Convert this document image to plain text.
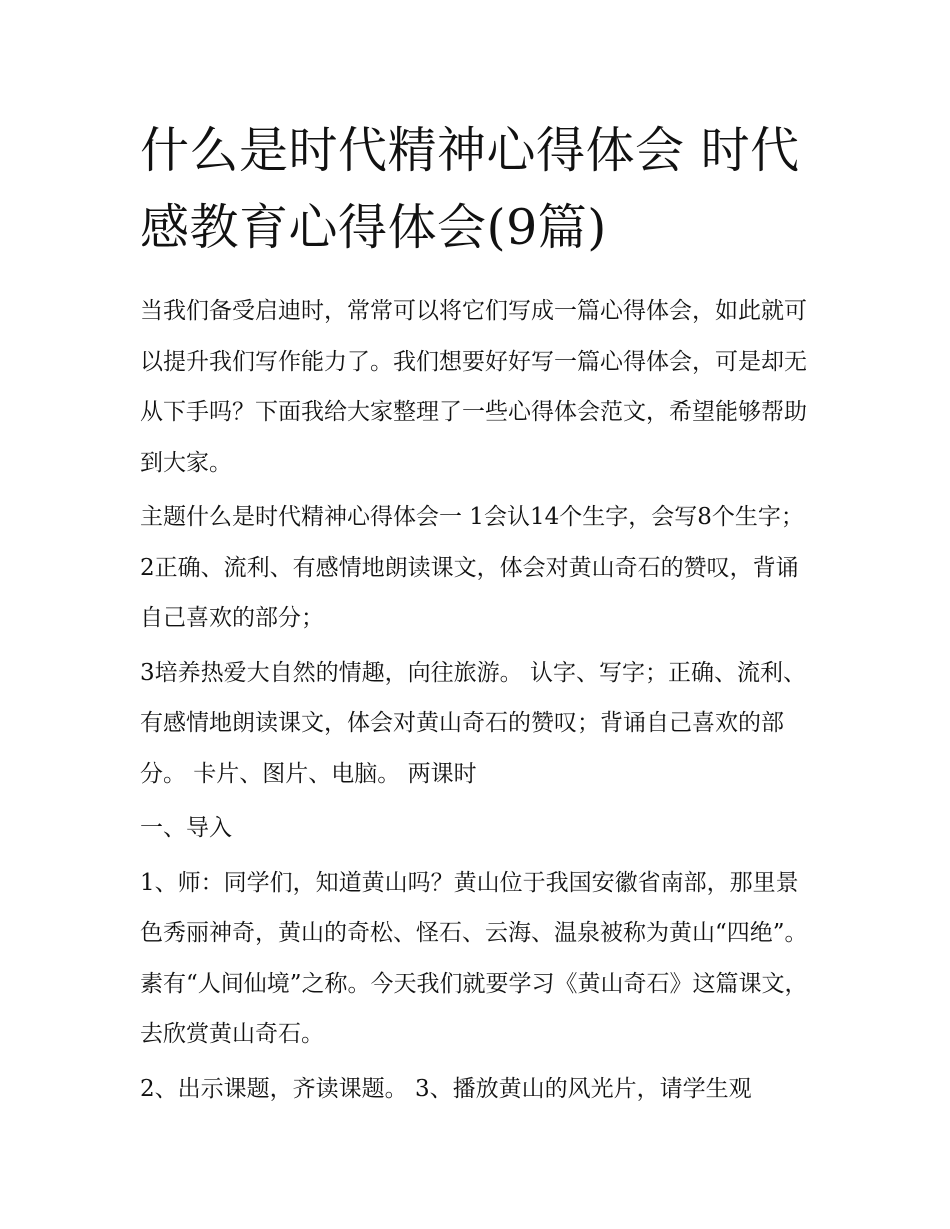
什么是时代精神心得体会 时代感教育心得体会(9篇)

当我们备受启迪时，常常可以将它们写成一篇心得体会，如此就可以提升我们写作能力了。我们想要好好写一篇心得体会，可是却无从下手吗？下面我给大家整理了一些心得体会范文，希望能够帮助到大家。

主题什么是时代精神心得体会一 1会认14个生字，会写8个生字； 2正确、流利、有感情地朗读课文，体会对黄山奇石的赞叹，背诵自己喜欢的部分；

3培养热爱大自然的情趣，向往旅游。 认字、写字；正确、流利、有感情地朗读课文，体会对黄山奇石的赞叹；背诵自己喜欢的部分。 卡片、图片、电脑。 两课时

一、导入

1、师：同学们，知道黄山吗？黄山位于我国安徽省南部，那里景色秀丽神奇，黄山的奇松、怪石、云海、温泉被称为黄山“四绝”。素有“人间仙境”之称。今天我们就要学习《黄山奇石》这篇课文，去欣赏黄山奇石。

2、出示课题，齐读课题。 3、播放黄山的风光片，请学生观
